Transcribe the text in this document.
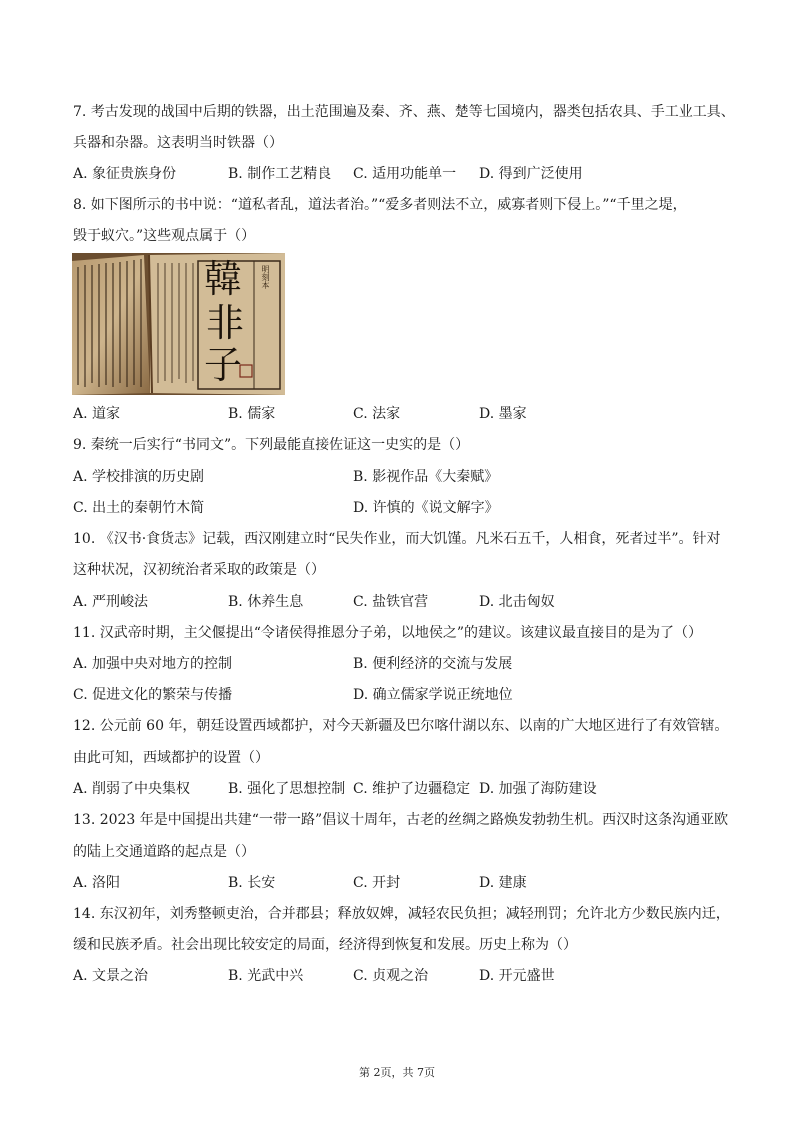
7. 考古发现的战国中后期的铁器，出土范围遍及秦、齐、燕、楚等七国境内，器类包括农具、手工业工具、
兵器和杂器。这表明当时铁器（）
A. 象征贵族身份	B. 制作工艺精良 C. 适用功能单一 D. 得到广泛使用
8. 如下图所示的书中说：“道私者乱，道法者治。”“爱多者则法不立，威寡者则下侵上。”“千里之堤，
毁于蚁穴。”这些观点属于（）
韓
非
子
明刻本
A. 道家	B. 儒家	C. 法家	D. 墨家
9. 秦统一后实行“书同文”。下列最能直接佐证这一史实的是（）
A. 学校排演的历史剧	B. 影视作品《大秦赋》
C. 出土的秦朝竹木简	D. 许慎的《说文解字》
10. 《汉书·食货志》记载，西汉刚建立时“民失作业，而大饥馑。凡米石五千，人相食，死者过半”。针对
这种状况，汉初统治者采取的政策是（）
A. 严刑峻法	B. 休养生息	C. 盐铁官营	D. 北击匈奴
11. 汉武帝时期，主父偃提出“令诸侯得推恩分子弟，以地侯之”的建议。该建议最直接目的是为了（）
A. 加强中央对地方的控制	B. 便利经济的交流与发展
C. 促进文化的繁荣与传播	D. 确立儒家学说正统地位
12. 公元前 60 年，朝廷设置西域都护，对今天新疆及巴尔喀什湖以东、以南的广大地区进行了有效管辖。
由此可知，西域都护的设置（）
A. 削弱了中央集权	B. 强化了思想控制 C. 维护了边疆稳定 D. 加强了海防建设
13. 2023 年是中国提出共建“一带一路”倡议十周年，古老的丝绸之路焕发勃勃生机。西汉时这条沟通亚欧
的陆上交通道路的起点是（）
A. 洛阳	B. 长安	C. 开封	D. 建康
14. 东汉初年，刘秀整顿吏治，合并郡县；释放奴婢，减轻农民负担；减轻刑罚；允许北方少数民族内迁，
缓和民族矛盾。社会出现比较安定的局面，经济得到恢复和发展。历史上称为（）
A. 文景之治	B. 光武中兴	C. 贞观之治	D. 开元盛世
第 2页，共 7页
